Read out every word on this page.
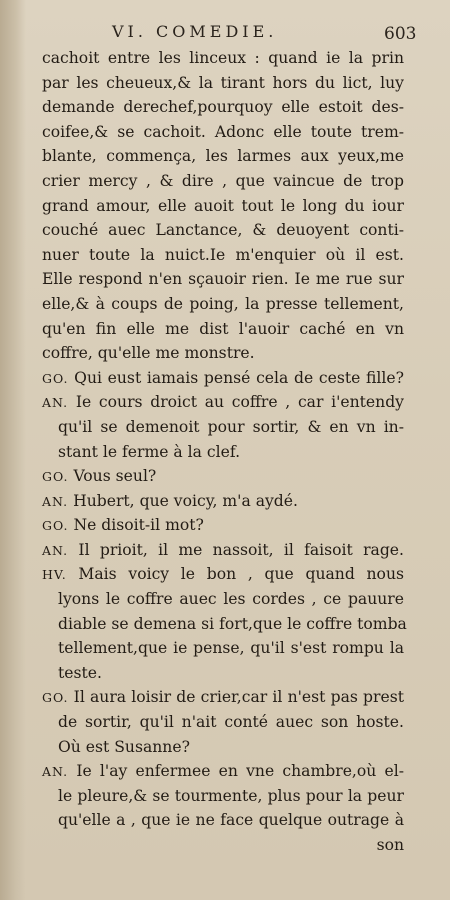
VI. COMEDIE.	603
cachoit entre les linceux : quand ie la prin
par les cheueux,& la tirant hors du lict, luy
demande derechef,pourquoy elle estoit des-
coifee,& se cachoit. Adonc elle toute trem-
blante, commença, les larmes aux yeux,me
crier mercy , & dire , que vaincue de trop
grand amour, elle auoit tout le long du iour
couché auec Lanctance, & deuoyent conti-
nuer toute la nuict.Ie m'enquier où il est.
Elle respond n'en sçauoir rien. Ie me rue sur
elle,& à coups de poing, la presse tellement,
qu'en fin elle me dist l'auoir caché en vn
coffre, qu'elle me monstre.
GO. Qui eust iamais pensé cela de ceste fille?
AN. Ie cours droict au coffre , car i'entendy
qu'il se demenoit pour sortir, & en vn in-
stant le ferme à la clef.
GO. Vous seul?
AN. Hubert, que voicy, m'a aydé.
GO. Ne disoit-il mot?
AN. Il prioit, il me nassoit, il faisoit rage.
HV. Mais voicy le bon , que quand nous
lyons le coffre auec les cordes , ce pauure
diable se demena si fort,que le coffre tomba
tellement,que ie pense, qu'il s'est rompu la
teste.
GO. Il aura loisir de crier,car il n'est pas prest
de sortir, qu'il n'ait conté auec son hoste.
Où est Susanne?
AN. Ie l'ay enfermee en vne chambre,où el-
le pleure,& se tourmente, plus pour la peur
qu'elle a , que ie ne face quelque outrage à
son
